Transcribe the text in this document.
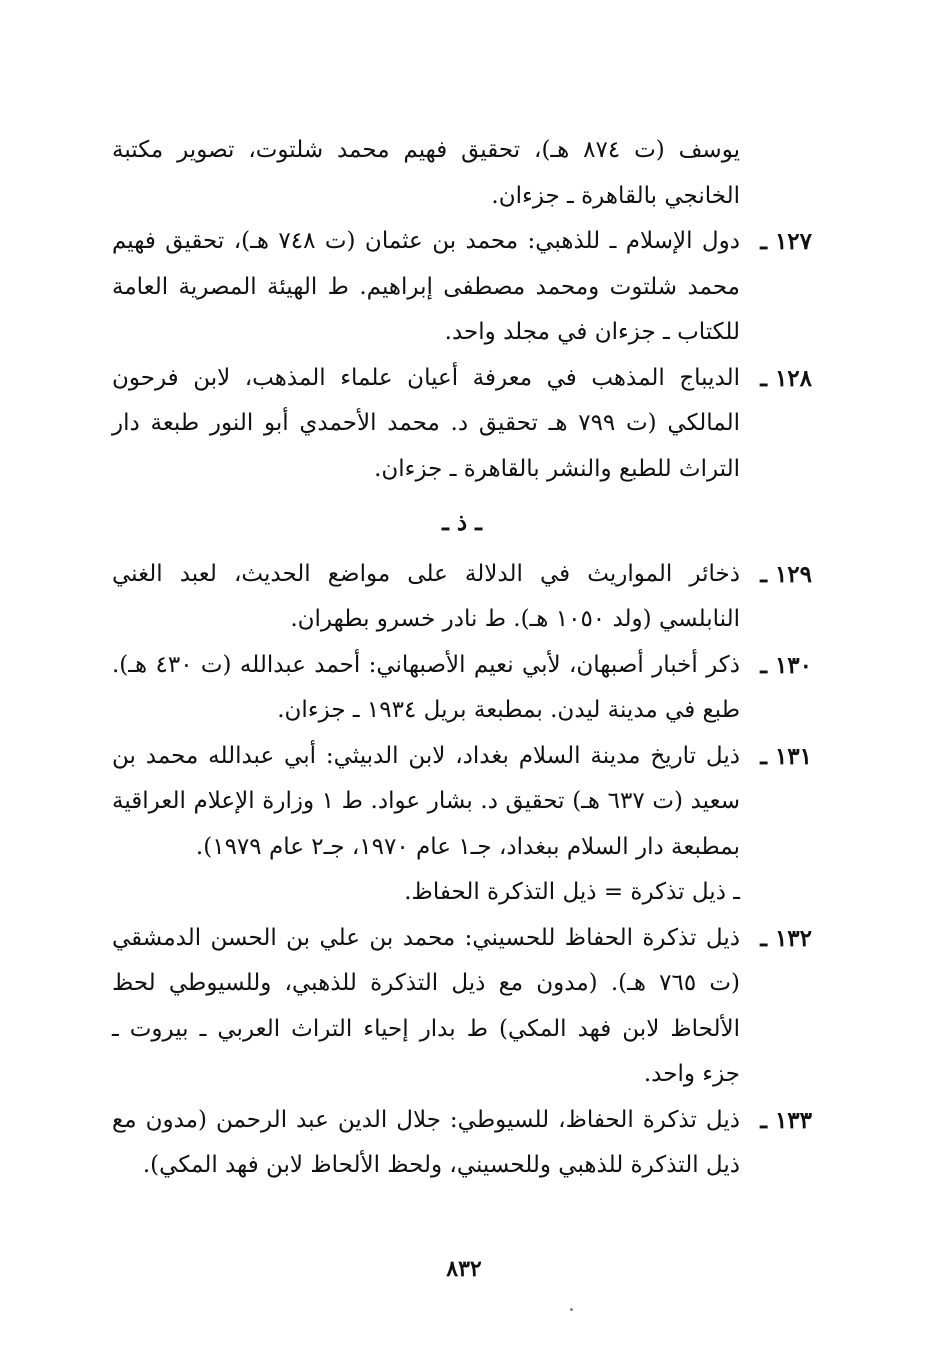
يوسف (ت ٨٧٤ هـ)، تحقيق فهيم محمد شلتوت، تصوير مكتبة الخانجي بالقاهرة ـ جزءان.
١٢٧ ـ
دول الإسلام ـ للذهبي: محمد بن عثمان (ت ٧٤٨ هـ)، تحقيق فهيم محمد شلتوت ومحمد مصطفى إبراهيم. ط الهيئة المصرية العامة للكتاب ـ جزءان في مجلد واحد.
١٢٨ ـ
الديباج المذهب في معرفة أعيان علماء المذهب، لابن فرحون المالكي (ت ٧٩٩ هـ تحقيق د. محمد الأحمدي أبو النور طبعة دار التراث للطبع والنشر بالقاهرة ـ جزءان.
ـ ذ ـ
١٢٩ ـ
ذخائر المواريث في الدلالة على مواضع الحديث، لعبد الغني النابلسي (ولد ١٠٥٠ هـ). ط نادر خسرو بطهران.
١٣٠ ـ
ذكر أخبار أصبهان، لأبي نعيم الأصبهاني: أحمد عبدالله (ت ٤٣٠ هـ). طبع في مدينة ليدن. بمطبعة بريل ١٩٣٤ ـ جزءان.
١٣١ ـ
ذيل تاريخ مدينة السلام بغداد، لابن الدبيثي: أبي عبدالله محمد بن سعيد (ت ٦٣٧ هـ) تحقيق د. بشار عواد. ط ١ وزارة الإعلام العراقية بمطبعة دار السلام ببغداد، جـ١ عام ١٩٧٠، جـ٢ عام ١٩٧٩).
ـ ذيل تذكرة = ذيل التذكرة الحفاظ.
١٣٢ ـ
ذيل تذكرة الحفاظ للحسيني: محمد بن علي بن الحسن الدمشقي (ت ٧٦٥ هـ). (مدون مع ذيل التذكرة للذهبي، وللسيوطي لحظ الألحاظ لابن فهد المكي) ط بدار إحياء التراث العربي ـ بيروت ـ جزء واحد.
١٣٣ ـ
ذيل تذكرة الحفاظ، للسيوطي: جلال الدين عبد الرحمن (مدون مع ذيل التذكرة للذهبي وللحسيني، ولحظ الألحاظ لابن فهد المكي).
٨٣٢
